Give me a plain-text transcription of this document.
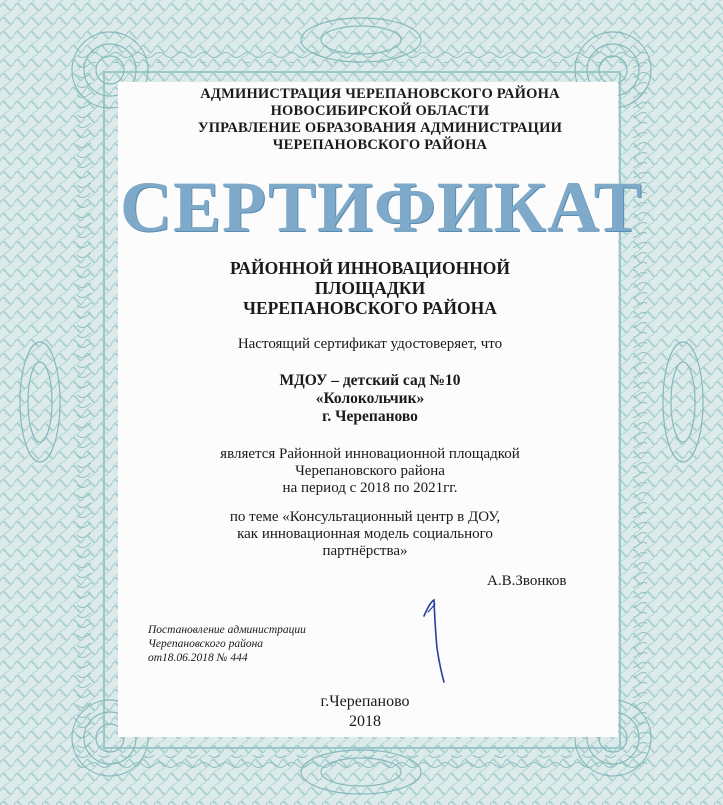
АДМИНИСТРАЦИЯ ЧЕРЕПАНОВСКОГО РАЙОНА
НОВОСИБИРСКОЙ ОБЛАСТИ
УПРАВЛЕНИЕ ОБРАЗОВАНИЯ АДМИНИСТРАЦИИ
ЧЕРЕПАНОВСКОГО РАЙОНА
СЕРТИФИКАТ
РАЙОННОЙ ИННОВАЦИОННОЙ
ПЛОЩАДКИ
ЧЕРЕПАНОВСКОГО РАЙОНА

Настоящий сертификат удостоверяет, что

МДОУ – детский сад №10
«Колокольчик»
г. Черепаново
является Районной инновационной площадкой
Черепановского района
на период с 2018 по 2021гг.
по теме «Консультационный центр в ДОУ,
как инновационная модель социального
партнёрства»

А.В.Звонков

Постановление администрации
Черепановского района
от18.06.2018 № 444
г.Черепаново
2018
